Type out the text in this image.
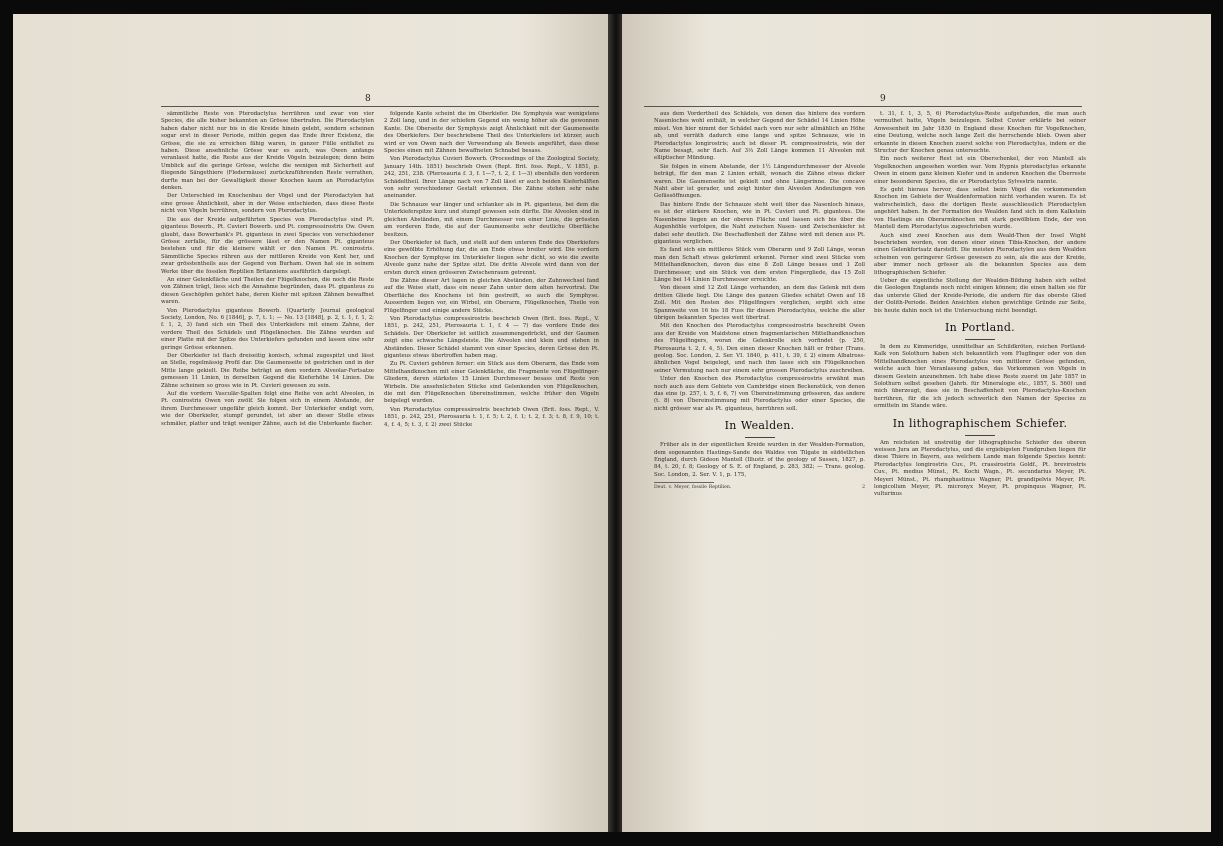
8

sämmtliche Reste von Pterodactylus herrühren und zwar von vier Species, die alle bisher bekannten an Grösse übertrafen. Die Pterodactylen haben daher nicht nur bis in die Kreide hinein gelebt, sondern scheinen sogar erst in dieser Periode, mithin gegen das Ende ihrer Existenz, die Grösse, die sie zu erreichen fähig waren, in ganzer Fülle entfaltet zu haben. Diese ansehnliche Grösse war es auch, was Owen anfangs veranlasst hatte, die Reste aus der Kreide Vögeln beizulegen; denn beim Umblick auf die geringe Grösse, welche die wenigen mit Sicherheit auf fliegende Sängethiere (Fledermäuse) zurückzuführenden Reste verrathen, durfte man bei der Gewaltigkeit dieser Knochen kaum an Pterodactylus denken.

Der Unterschied im Knochenbau der Vögel und der Pterodactylen hat eine grosse Ähnlichkeit, aber in der Weise entschieden, dass diese Reste nicht von Vögeln herrühren, sondern von Pterodactylus.

Die aus der Kreide aufgeführten Species von Pterodactylus sind Pt. giganteus Bowerb., Pt. Cuvieri Bowerb. und Pt. compressirostris Ow. Owen glaubt, dass Bowerbank's Pt. giganteus in zwei Species von verschiedener Grösse zerfalle, für die grössere lässt er den Namen Pt. giganteus bestehen und für die kleinere wählt er den Namen Pt. conirostris. Sämmtliche Species rühren aus der mittleren Kreide von Kent her, und zwar grösstentheils aus der Gegend von Burham. Owen hat sie in seinem Werke über die fossilen Reptilien Britanniens ausführlich dargelegt.

An einer Gelenkfläche und Theilen der Flügelknochen, die noch die Reste von Zähnen trägt, liess sich die Annahme begründen, dass Pt. giganteus zu diesen Geschöpfen gehört habe, deren Kiefer mit spitzen Zähnen bewaffnet waren.

Von Pterodactylus giganteus Bowerb. (Quarterly Journal geological Society, London, No. 6 [1846], p. 7, t. 1; — No. 13 [1848], p. 2, t. 1, f. 1, 2; f. 1, 2, 3) fand sich ein Theil des Unterkiefers mit einem Zahne, der vordere Theil des Schädels und Flügelknochen. Die Zähne wurden auf einer Platte mit der Spitze des Unterkiefers gefunden und lassen eine sehr geringe Grösse erkennen.

Der Oberkiefer ist flach dreiseitig konisch, schmal zugespitzt und lässt an Stelle, regelmässig Profil dar. Die Gaumenseite ist gestrichen und in der Mitte lange gekielt. Die Reihe beträgt an dem vordern Alveolar-Fortsatze gemessen 11 Linien, in derselben Gegend die Kieferhöhe 14 Linien. Die Zähne scheinen so gross wie in Pt. Cuvieri gewesen zu sein.

Auf die vordern Vasculär-Spalten folgt eine Reihe von acht Alveolen, in Pt. conirostris Owen von zwölf. Sie folgen sich in einem Abstande, der ihrem Durchmesser ungefähr gleich kommt. Der Unterkiefer endigt vorn, wie der Oberkiefer, stumpf gerundet, ist aber an dieser Stelle etwas schmäler, platter und trägt weniger Zähne, auch ist die Unterkante flacher.

folgende Kante scheint die im Oberkiefer. Die Symphysis war wenigstens 2 Zoll lang, und in der schiefem Gegend ein wenig höher als die gewonnen Kante. Die Oberseite der Symphysis zeigt Ähnlichkeit mit der Gaumenseite des Oberkiefers. Der beschriebene Theil des Unterkiefers ist kürzer, auch wird er von Owen nach der Verwendung als Beweis angeführt, dass diese Species einen mit Zähnen bewaffneten Schnabel besass.

Von Pterodactylus Cuvieri Bowerb. (Proceedings of the Zoological Society, January 14th. 1851) beschrieb Owen (Rept. Brit. foss. Rept., V. 1851, p. 242, 251, 238. (Pterosauria f. 3, f. 1—7, t. 2, f. 1—3) ebenfalls den vorderen Schädeltheil. Ihrer Länge nach von 7 Zoll lässt er auch beiden Kieferhälften von sehr verschiedener Gestalt erkennen. Die Zähne stehen sehr nahe aneinander.

Die Schnauze war länger und schlanker als in Pt. giganteus, bei dem die Unterkieferspitze kurz und stumpf gewesen sein dürfte. Die Alveolen sind in gleichen Abständen, mit einem Durchmesser von einer Linie, die grössten am vorderen Ende, die auf der Gaumenseite sehr deutliche Oberfläche besitzen.

Der Oberkiefer ist flach, und stellt auf dem unteren Ende des Oberkiefers eine gewölbte Erhöhung dar, die am Ende etwas breiter wird. Die vordern Knochen der Symphyse im Unterkiefer liegen sehr dicht, so wie die zweite Alveole ganz nahe der Spitze sitzt. Die dritte Alveole wird dann von der ersten durch einen grösseren Zwischenraum getrennt.

Die Zähne dieser Art lagen in gleichen Abständen, der Zahnwechsel fand auf die Weise statt, dass ein neuer Zahn unter dem alten hervortrat. Die Oberfläche des Knochens ist fein gestreift, so auch die Symphyse. Ausserdem liegen vor, ein Wirbel, ein Oberarm, Flügelknochen, Theile von Flügelfinger und einige andere Stücke.

Von Pterodactylus compressirostris beschrieb Owen (Brit. foss. Rept., V. 1851, p. 242, 251, Pterosauria t. 1, f. 4 — 7) das vordere Ende des Schädels. Der Oberkiefer ist seitlich zusammengedrückt, und der Gaumen zeigt eine schwache Längsleiste. Die Alveolen sind klein und stehen in Abständen. Dieser Schädel stammt von einer Species, deren Grösse den Pt. giganteus etwas übertroffen haben mag.

Zu Pt. Cuvieri gehören ferner: ein Stück aus dem Oberarm, das Ende vom Mittelhandknochen mit einer Gelenkfläche, die Fragmente von Flügelfinger-Gliedern, deren stärkstes 15 Linien Durchmesser besass und Reste von Wirbeln. Die ansehnlichsten Stücke sind Gelenkenden von Flügelknochen, die mit den Flügelknochen übereinstimmen, welche früher den Vögeln beigelegt wurden.

Von Pterodactylus compressirostris beschrieb Owen (Brit. foss. Rept., V. 1851, p. 242, 251, Pterosauria t. 1, f. 5; t. 2, f. 1; t. 2, f. 3; t. 8, f. 9, 10; t. 4, f. 4, 5; t. 3, f. 2) zwei Stücke

9

aus dem Vordertheil des Schädels, von denen das hintere des vordern Nasenloches wohl enthält, in welcher Gegend der Schädel 14 Linien Höhe misst. Von hier nimmt der Schädel nach vorn nur sehr allmählich an Höhe ab, und verräth dadurch eine lange und spitze Schnauze, wie in Pterodactylus longirostris; auch ist dieser Pt. compressirostris, wie der Name besagt, sehr flach. Auf 3⅓ Zoll Länge kommen 11 Alveolen mit elliptischer Mündung.

Sie folgen in einem Abstande, der 1½ Längendurchmesser der Alveole beträgt, für den man 2 Linien erhält, wonach die Zähne etwas dicker waren. Die Gaumenseite ist gekielt und ohne Längsrinne. Die concave Naht aber ist gerader, und zeigt hinter den Alveolen Andeutungen von Gefässöffnungen.

Das hintere Ende der Schnauze steht weit über das Nasenloch hinaus, es ist der stärkere Knochen, wie in Pt. Cuvieri und Pt. giganteus. Die Nasenbeine liegen an der oberen Fläche und lassen sich bis über die Augenhöhle verfolgen, die Naht zwischen Nasen- und Zwischenkiefer ist dabei sehr deutlich. Die Beschaffenheit der Zähne wird mit denen aus Pt. giganteus verglichen.

Es fand sich ein mittleres Stück vom Oberarm und 9 Zoll Länge, woran man den Schaft etwas gekrümmt erkennt. Ferner sind zwei Stücke vom Mittelhandknochen, davon das eine 8 Zoll Länge besass und 1 Zoll Durchmesser, und ein Stück von dem ersten Fingergliede, das 15 Zoll Länge bei 14 Linien Durchmesser erreichte.

Von diesen sind 12 Zoll Länge vorhanden, an dem das Gelenk mit dem dritten Gliede liegt. Die Länge des ganzen Gliedes schätzt Owen auf 18 Zoll. Mit den Resten des Flügelfingers verglichen, ergibt sich eine Spannweite von 16 bis 18 Fuss für diesen Pterodactylus, welche die aller übrigen bekannten Species weit übertraf.

Mit den Knochen des Pterodactylus compressirostris beschreibt Owen aus der Kreide von Maidstone einen fragmentarischen Mittelhandknochen des Flügelfingers, woran die Gelenkrolle sich vorfindet (p. 250, Pterosauria t. 2, f. 4, 5). Den einen dieser Knochen hält er früher (Trans. geolog. Soc. London, 2. Ser. VI. 1840, p. 411, t. 39, f. 2) einem Albatross-ähnlichen Vogel beigelegt, und nach ihm lasse sich ein Flügelknochen seiner Vermutung nach nur einem sehr grossen Pterodactylus zuschreiben.

Unter den Knochen des Pterodactylus compressirostris erwähnt man noch auch aus dem Gebiete von Cambridge einen Beckenstück, von denen das eine (p. 257, t. 5, f. 6, 7) von Übereinstimmung grösseren, das andere (t. 8) von Übereinstimmung mit Pterodactylus oder einer Species, die nicht grösser war als Pt. giganteus, herrühren soll.

In Wealden.

Früher als in der eigentlichen Kreide wurden in der Wealden-Formation, dem sogenannten Hastings-Sande des Waldes von Tilgate in südöstlichen England, durch Gideon Mantell (Illustr. of the geology of Sussex, 1827, p. 84, t. 20, f. 8; Geology of S. E. of England, p. 283, 382; — Trans. geolog. Soc. London, 2. Ser. V. 1, p. 175,

Deut. v. Meyer, fossile Reptilien.	2

t. 31, f. 1, 3, 5, 6) Pterodactylus-Reste aufgefunden, die man auch vermuthet hatte, Vögeln beizulegen. Selbst Cuvier erklärte bei seiner Anwesenheit im Jahr 1830 in England diese Knochen für Vogelknochen, eine Deutung, welche noch lange Zeit die herrschende blieb. Owen aber erkannte in diesen Knochen zuerst solche von Pterodactylus, indem er die Structur der Knochen genau untersuchte.

Ein noch weiterer Rest ist ein Oberschenkel, der von Mantell als Vogelknochen angesehen worden war. Vom Hypnis pterodactylus erkannte Owen in einem ganz kleinen Kiefer und in anderen Knochen die Überreste einer besonderen Species, die er Pterodactylus Sylvestris nannte.

Es geht hieraus hervor, dass selbst beim Vögel die vorkommenden Knochen im Gebiete der Wealdenformation nicht vorhanden waren. Es ist wahrscheinlich, dass die dortigen Reste ausschliesslich Pterodactylen angehört haben. In der Formation des Wealden fand sich in dem Kalkstein von Hastings ein Oberarmknochen mit stark gewölbtem Ende, der von Mantell dem Pterodactylus zugeschrieben wurde.

Auch sind zwei Knochen aus dem Weald-Thon der Insel Wight beschrieben worden, von denen einer einen Tibia-Knochen, der andere einen Gelenkfortsatz darstellt. Die meisten Pterodactylen aus dem Wealden scheinen von geringerer Grösse gewesen zu sein, als die aus der Kreide, aber immer noch grösser als die bekannten Species aus dem lithographischen Schiefer.

Ueber die eigentliche Stellung der Wealden-Bildung haben sich selbst die Geologen Englands noch nicht einigen können; die einen halten sie für das unterste Glied der Kreide-Periode, die andern für das oberste Glied der Oolith-Periode. Beiden Ansichten stehen gewichtige Gründe zur Seite, bis heute dahin noch ist die Untersuchung nicht beendigt.

In Portland.

In dem zu Kimmeridge, unmittelbar an Schildkröten, reichen Portland-Kalk von Solothurn haben sich bekanntlich vom Flugfinger oder von den Mittelhandknochen eines Pterodactylus von mittlerer Grösse gefunden, welche auch hier Veranlassung gaben, das Vorkommen von Vögeln in diesem Gestein anzunehmen. Ich habe diese Reste zuerst im Jahr 1857 in Solothurn selbst gesehen (Jahrb. für Mineralogie etc., 1857, S. 560) und mich überzeugt, dass sie in Beschaffenheit von Pterodactylus-Knochen herrühren, für die ich jedoch schwerlich den Namen der Species zu ermitteln im Stande wäre.

In lithographischem Schiefer.

Am reichsten ist unstreitig der lithographische Schiefer des oberen weissen Jura an Pterodactylus, und die ergiebigsten Fundgruben liegen für diese Thiere in Bayern, aus welchem Lande man folgende Species kennt: Pterodactylus longirostris Cuv., Pt. crassirostris Goldf., Pt. brevirostris Cuv., Pt. medius Münst., Pt. Kochi Wagn., Pt. secundarius Meyer, Pt. Meyeri Münst., Pt. rhamphastinus Wagner, Pt. grandipelvis Meyer, Pt. longicollum Meyer, Pt. micronyx Meyer, Pt. propinquus Wagner, Pt. vulturinus
